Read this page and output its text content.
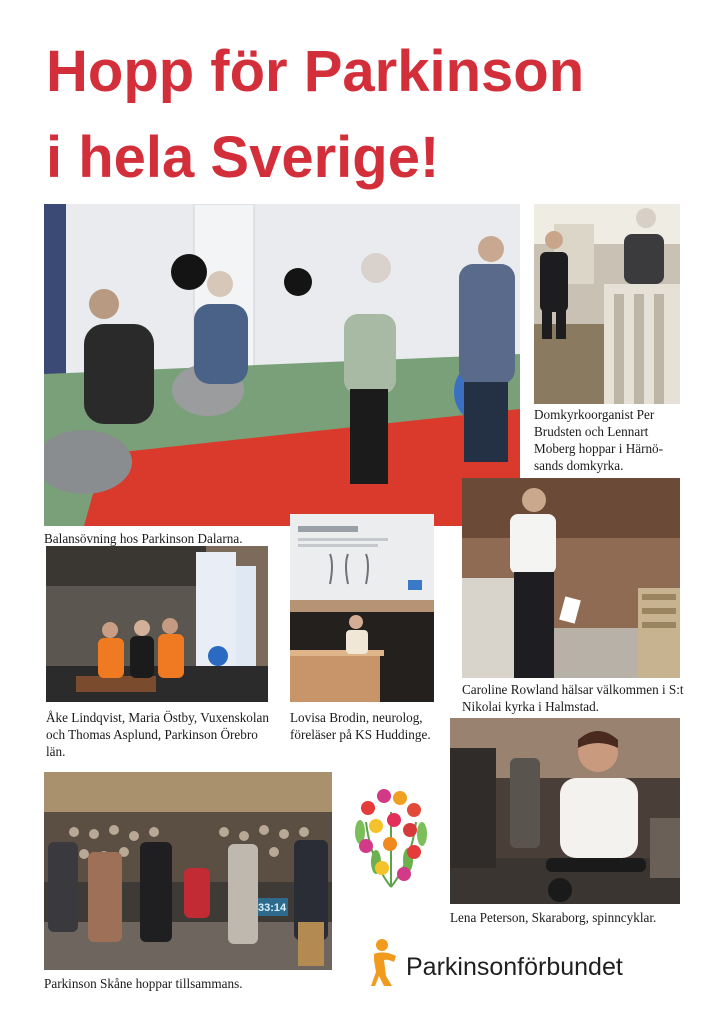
Hopp för Parkinson
i hela Sverige!

Balansövning hos Parkinson Dalarna.

Domkyrkoorganist Per Brudsten och Lennart Moberg hoppar i Härnösands domkyrka.

Caroline Rowland hälsar välkommen i S:t Nikolai kyrka i Halmstad.

Åke Lindqvist, Maria Östby, Vuxenskolan och Thomas Asplund, Parkinson Örebro län.

Lovisa Brodin, neurolog, föreläser på KS Huddinge.

Lena Peterson, Skaraborg, spinncyklar.

33:14

Parkinson Skåne hoppar tillsammans.

Parkinsonförbundet
